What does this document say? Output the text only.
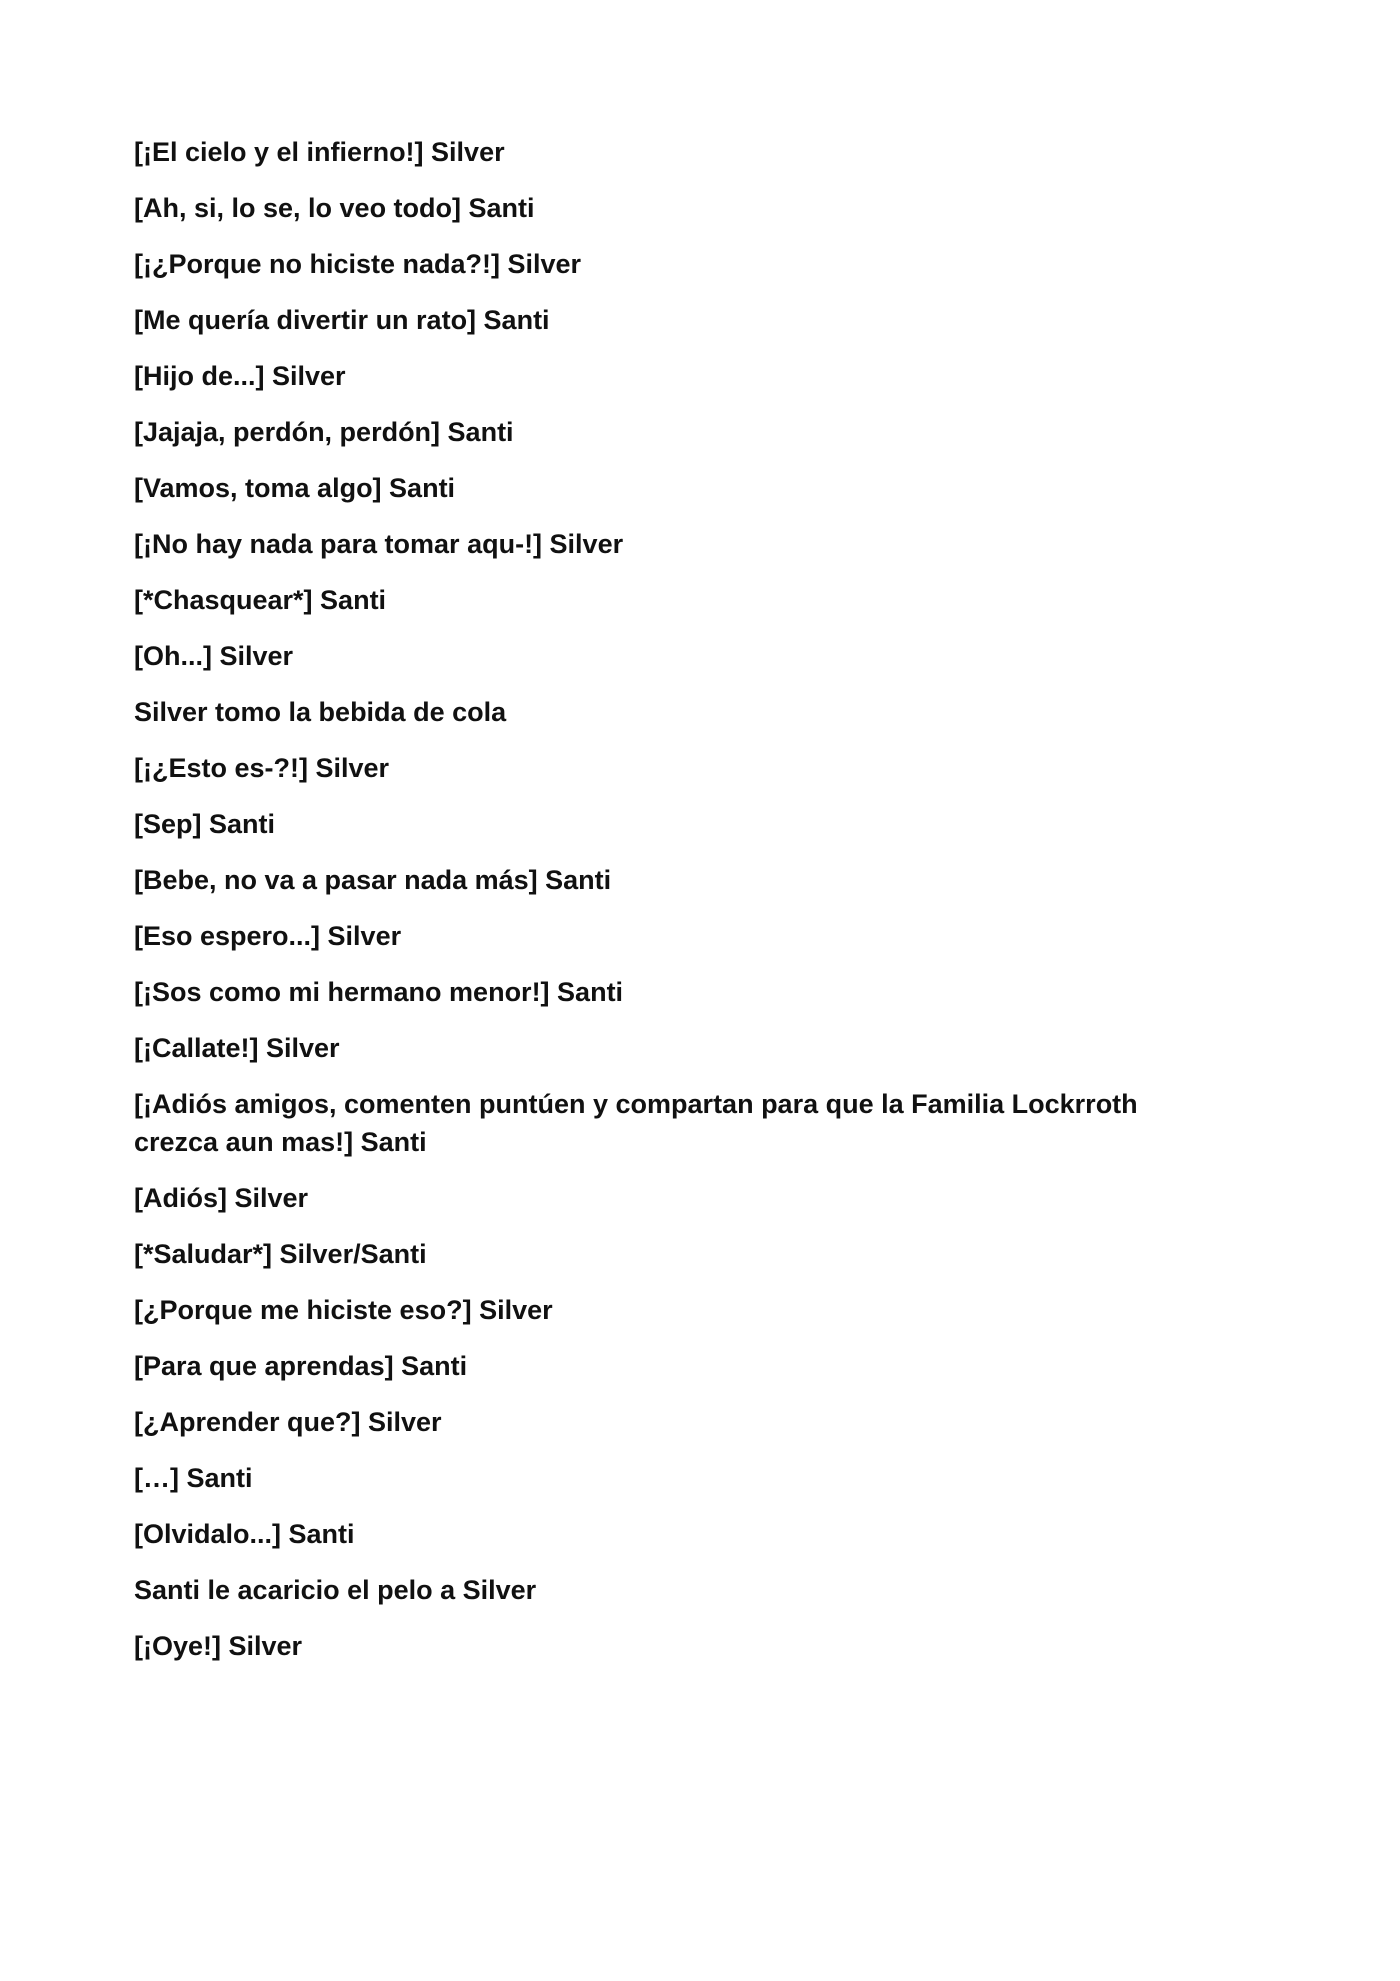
[¡El cielo y el infierno!] Silver
[Ah, si, lo se, lo veo todo] Santi
[¡¿Porque no hiciste nada?!] Silver
[Me quería divertir un rato] Santi
[Hijo de...] Silver
[Jajaja, perdón, perdón] Santi
[Vamos, toma algo] Santi
[¡No hay nada para tomar aqu-!] Silver
[*Chasquear*] Santi
[Oh...] Silver
Silver tomo la bebida de cola
[¡¿Esto es-?!] Silver
[Sep] Santi
[Bebe, no va a pasar nada más] Santi
[Eso espero...] Silver
[¡Sos como mi hermano menor!] Santi
[¡Callate!] Silver
[¡Adiós amigos, comenten puntúen y compartan para que la Familia Lockrroth
crezca aun mas!] Santi
[Adiós] Silver
[*Saludar*] Silver/Santi
[¿Porque me hiciste eso?] Silver
[Para que aprendas] Santi
[¿Aprender que?] Silver
[…] Santi
[Olvidalo...] Santi
Santi le acaricio el pelo a Silver
[¡Oye!] Silver
